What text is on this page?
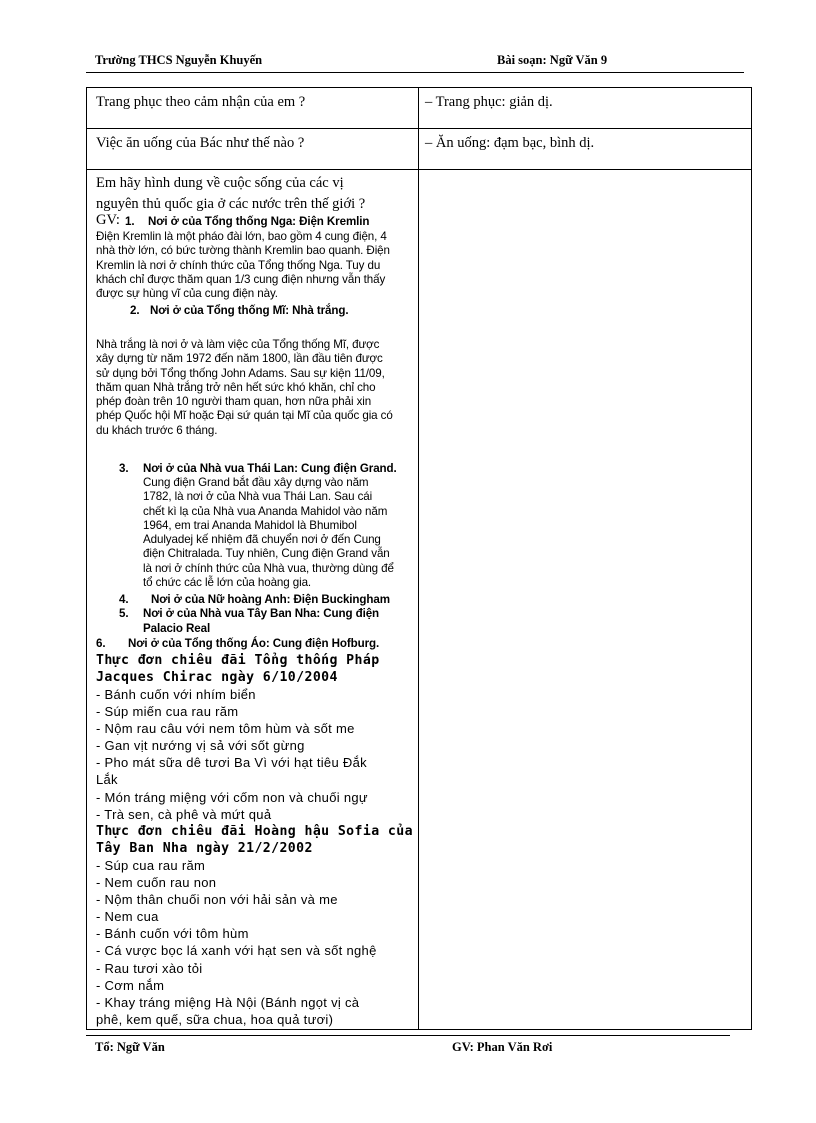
Trường THCS Nguyễn Khuyến	Bài soạn: Ngữ Văn 9
Trang phục theo cảm nhận của em ?	– Trang phục: giản dị.
Việc ăn uống của Bác như thế nào ?	– Ăn uống: đạm bạc, bình dị.
Em hãy hình dung về cuộc sống của các vị
nguyên thủ quốc gia ở các nước trên thế giới ?
GV: 1. Nơi ở của Tổng thống Nga: Điện Kremlin
Điện Kremlin là một pháo đài lớn, bao gồm 4 cung điện, 4
nhà thờ lớn, có bức tường thành Kremlin bao quanh. Điện
Kremlin là nơi ở chính thức của Tổng thống Nga. Tuy du
khách chỉ được thăm quan 1/3 cung điện nhưng vẫn thấy
được sự hùng vĩ của cung điện này.
2. Nơi ở của Tổng thống Mĩ: Nhà trắng.
Nhà trắng là nơi ở và làm việc của Tổng thống Mĩ, được
xây dựng từ năm 1972 đến năm 1800, lần đầu tiên được
sử dụng bởi Tổng thống John Adams. Sau sự kiện 11/09,
thăm quan Nhà trắng trở nên hết sức khó khăn, chỉ cho
phép đoàn trên 10 người tham quan, hơn nữa phải xin
phép Quốc hội Mĩ hoặc Đại sứ quán tại Mĩ của quốc gia có
du khách trước 6 tháng.
3. Nơi ở của Nhà vua Thái Lan: Cung điện Grand.
Cung điện Grand bắt đầu xây dựng vào năm
1782, là nơi ở của Nhà vua Thái Lan. Sau cái
chết kì lạ của Nhà vua Ananda Mahidol vào năm
1964, em trai Ananda Mahidol là Bhumibol
Adulyadej kế nhiệm đã chuyển nơi ở đến Cung
điện Chitralada. Tuy nhiên, Cung điện Grand vẫn
là nơi ở chính thức của Nhà vua, thường dùng để
tổ chức các lễ lớn của hoàng gia.
4. Nơi ở của Nữ hoàng Anh: Điện Buckingham
5. Nơi ở của Nhà vua Tây Ban Nha: Cung điện
Palacio Real
6. Nơi ở của Tổng thống Áo: Cung điện Hofburg.
Thực đơn chiêu đãi Tổng thống Pháp
Jacques Chirac ngày 6/10/2004
- Bánh cuốn với nhím biển
- Súp miến cua rau răm
- Nộm rau câu với nem tôm hùm và sốt me
- Gan vịt nướng vị sả với sốt gừng
- Pho mát sữa dê tươi Ba Vì với hạt tiêu Đắk
Lắk
- Món tráng miệng với cốm non và chuối ngự
- Trà sen, cà phê và mứt quả
Thực đơn chiêu đãi Hoàng hậu Sofia của
Tây Ban Nha ngày 21/2/2002
- Súp cua rau răm
- Nem cuốn rau non
- Nộm thân chuối non với hải sản và me
- Nem cua
- Bánh cuốn với tôm hùm
- Cá vược bọc lá xanh với hạt sen và sốt nghệ
- Rau tươi xào tỏi
- Cơm nắm
- Khay tráng miệng Hà Nội (Bánh ngọt vị cà
phê, kem quế, sữa chua, hoa quả tươi)
Tổ: Ngữ Văn	GV: Phan Văn Rơi
